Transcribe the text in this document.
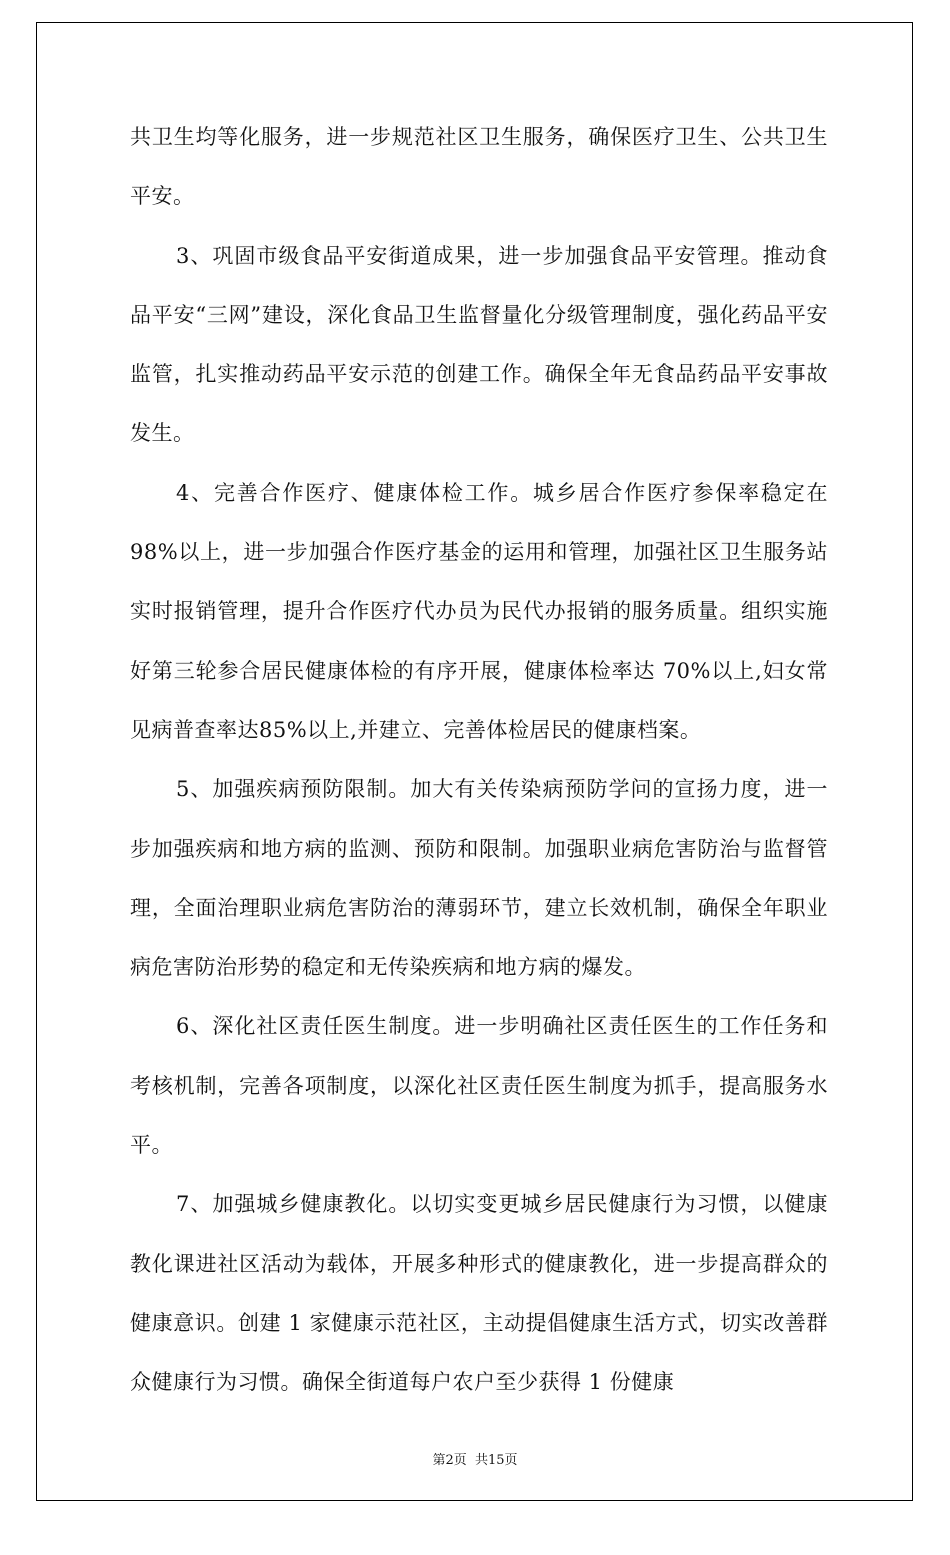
共卫生均等化服务，进一步规范社区卫生服务，确保医疗卫生、公共卫生平安。

3、巩固市级食品平安街道成果，进一步加强食品平安管理。推动食品平安“三网”建设，深化食品卫生监督量化分级管理制度，强化药品平安监管，扎实推动药品平安示范的创建工作。确保全年无食品药品平安事故发生。

4、完善合作医疗、健康体检工作。城乡居合作医疗参保率稳定在98%以上，进一步加强合作医疗基金的运用和管理，加强社区卫生服务站实时报销管理，提升合作医疗代办员为民代办报销的服务质量。组织实施好第三轮参合居民健康体检的有序开展，健康体检率达 70%以上,妇女常见病普查率达85%以上,并建立、完善体检居民的健康档案。

5、加强疾病预防限制。加大有关传染病预防学问的宣扬力度，进一步加强疾病和地方病的监测、预防和限制。加强职业病危害防治与监督管理，全面治理职业病危害防治的薄弱环节，建立长效机制，确保全年职业病危害防治形势的稳定和无传染疾病和地方病的爆发。

6、深化社区责任医生制度。进一步明确社区责任医生的工作任务和考核机制，完善各项制度，以深化社区责任医生制度为抓手，提高服务水平。

7、加强城乡健康教化。以切实变更城乡居民健康行为习惯，以健康教化课进社区活动为载体，开展多种形式的健康教化，进一步提高群众的健康意识。创建 1 家健康示范社区，主动提倡健康生活方式，切实改善群众健康行为习惯。确保全街道每户农户至少获得 1 份健康

第2页  共15页
